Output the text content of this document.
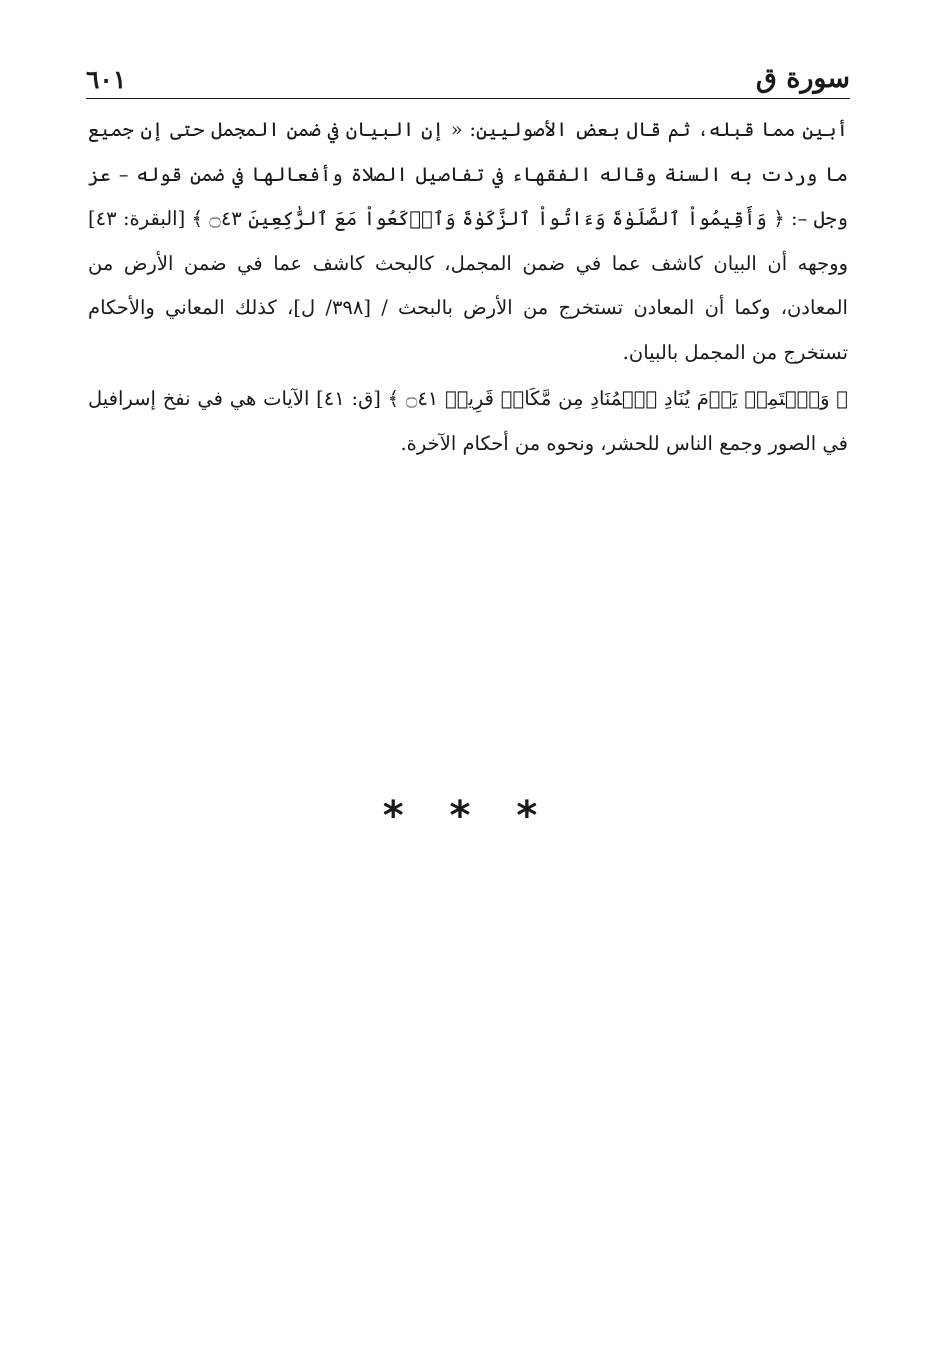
سورة ق
٦٠١

أبين مما قبله، ثم قال بعض الأصوليين: « إن البيان في ضمن المجمل حتى إن جميع ما وردت به السنة وقاله الفقهاء في تفاصيل الصلاة وأفعالها في ضمن قوله – عز وجل –: ﴿ وَأَقِيمُواْ ٱلصَّلَوٰةَ وَءَاتُواْ ٱلزَّكَوٰةَ وَٱرۡكَعُواْ مَعَ ٱلرَّٰكِعِينَ ۝٤٣ ﴾ [البقرة: ٤٣] ووجهه أن البيان كاشف عما في ضمن المجمل، كالبحث كاشف عما في ضمن الأرض من المعادن، وكما أن المعادن تستخرج من الأرض بالبحث / [٣٩٨/ ل]، كذلك المعاني والأحكام تستخرج من المجمل بالبيان.

﴿ وَٱسۡتَمِعۡ يَوۡمَ يُنَادِ ٱلۡمُنَادِ مِن مَّكَانٖ قَرِيبٖ ۝٤١ ﴾ [ق: ٤١] الآيات هي في نفخ إسرافيل في الصور وجمع الناس للحشر، ونحوه من أحكام الآخرة.

* * *
